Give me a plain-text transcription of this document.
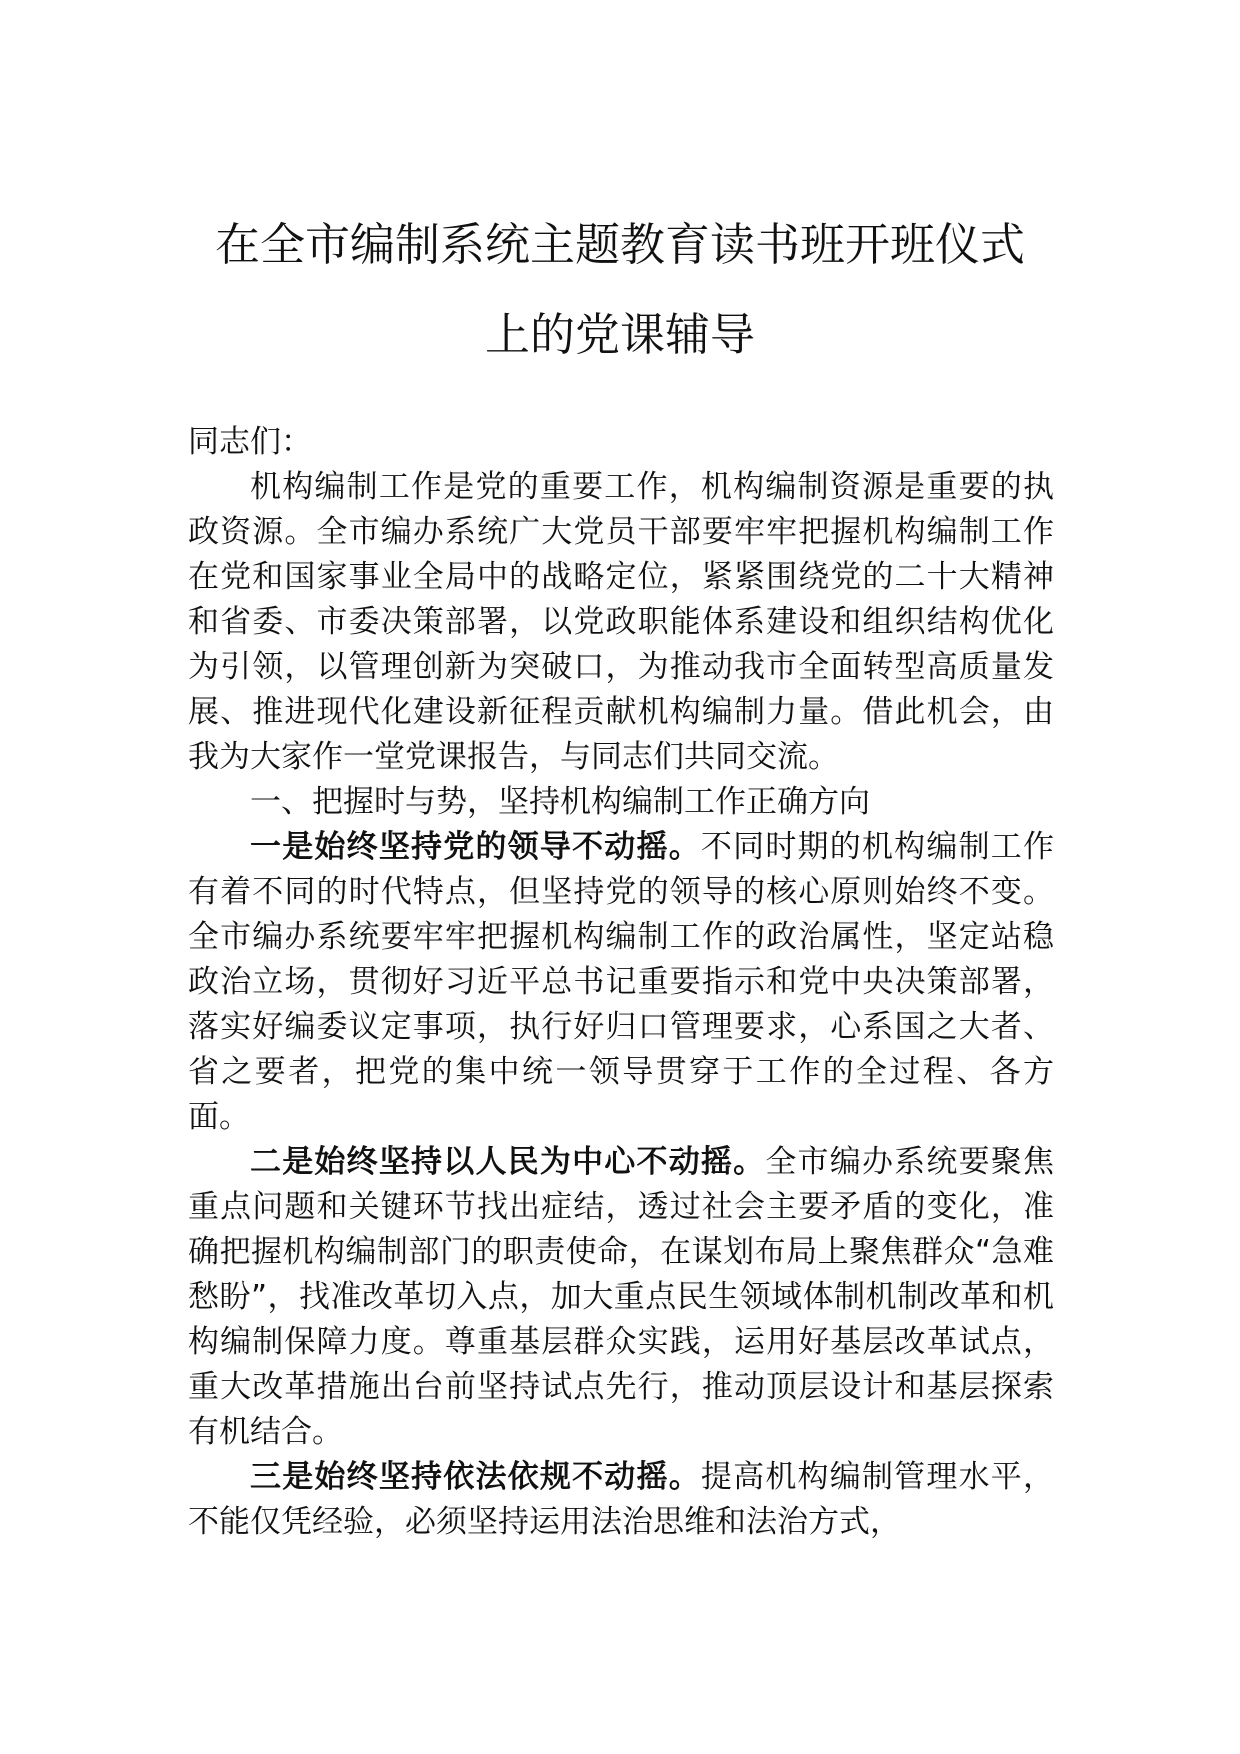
在全市编制系统主题教育读书班开班仪式
上的党课辅导

同志们：

机构编制工作是党的重要工作，机构编制资源是重要的执政资源。全市编办系统广大党员干部要牢牢把握机构编制工作在党和国家事业全局中的战略定位，紧紧围绕党的二十大精神和省委、市委决策部署，以党政职能体系建设和组织结构优化为引领，以管理创新为突破口，为推动我市全面转型高质量发展、推进现代化建设新征程贡献机构编制力量。借此机会，由我为大家作一堂党课报告，与同志们共同交流。

一、把握时与势，坚持机构编制工作正确方向

一是始终坚持党的领导不动摇。不同时期的机构编制工作有着不同的时代特点，但坚持党的领导的核心原则始终不变。全市编办系统要牢牢把握机构编制工作的政治属性，坚定站稳政治立场，贯彻好习近平总书记重要指示和党中央决策部署，落实好编委议定事项，执行好归口管理要求，心系国之大者、省之要者，把党的集中统一领导贯穿于工作的全过程、各方面。

二是始终坚持以人民为中心不动摇。全市编办系统要聚焦重点问题和关键环节找出症结，透过社会主要矛盾的变化，准确把握机构编制部门的职责使命，在谋划布局上聚焦群众“急难愁盼”，找准改革切入点，加大重点民生领域体制机制改革和机构编制保障力度。尊重基层群众实践，运用好基层改革试点，重大改革措施出台前坚持试点先行，推动顶层设计和基层探索有机结合。

三是始终坚持依法依规不动摇。提高机构编制管理水平，不能仅凭经验，必须坚持运用法治思维和法治方式，
